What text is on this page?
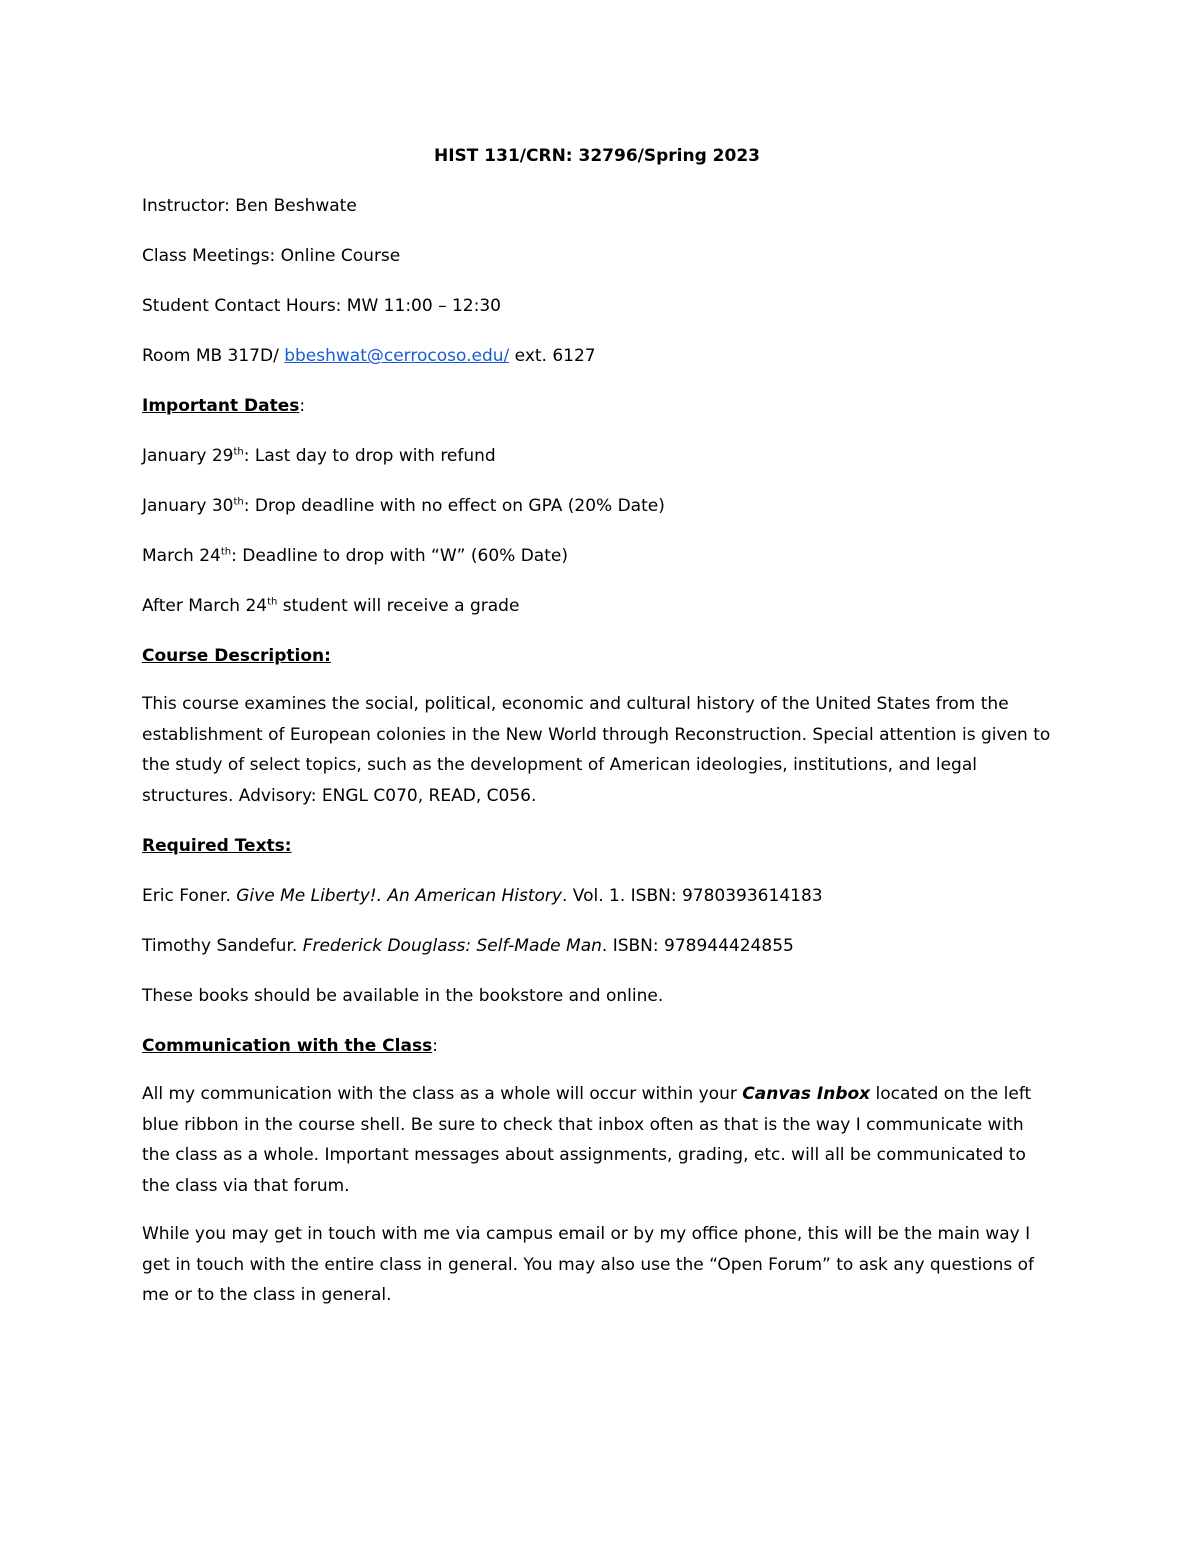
HIST 131/CRN: 32796/Spring 2023
Instructor: Ben Beshwate
Class Meetings: Online Course
Student Contact Hours: MW 11:00 – 12:30
Room MB 317D/ bbeshwat@cerrocoso.edu/ ext. 6127
Important Dates:
January 29th: Last day to drop with refund
January 30th: Drop deadline with no effect on GPA (20% Date)
March 24th: Deadline to drop with “W” (60% Date)
After March 24th student will receive a grade
Course Description:
This course examines the social, political, economic and cultural history of the United States from the establishment of European colonies in the New World through Reconstruction. Special attention is given to the study of select topics, such as the development of American ideologies, institutions, and legal structures. Advisory: ENGL C070, READ, C056.
Required Texts:
Eric Foner. Give Me Liberty!. An American History. Vol. 1. ISBN: 9780393614183
Timothy Sandefur. Frederick Douglass: Self-Made Man. ISBN: 978944424855
These books should be available in the bookstore and online.
Communication with the Class:
All my communication with the class as a whole will occur within your Canvas Inbox located on the left blue ribbon in the course shell. Be sure to check that inbox often as that is the way I communicate with the class as a whole. Important messages about assignments, grading, etc. will all be communicated to the class via that forum.
While you may get in touch with me via campus email or by my office phone, this will be the main way I get in touch with the entire class in general. You may also use the “Open Forum” to ask any questions of me or to the class in general.
